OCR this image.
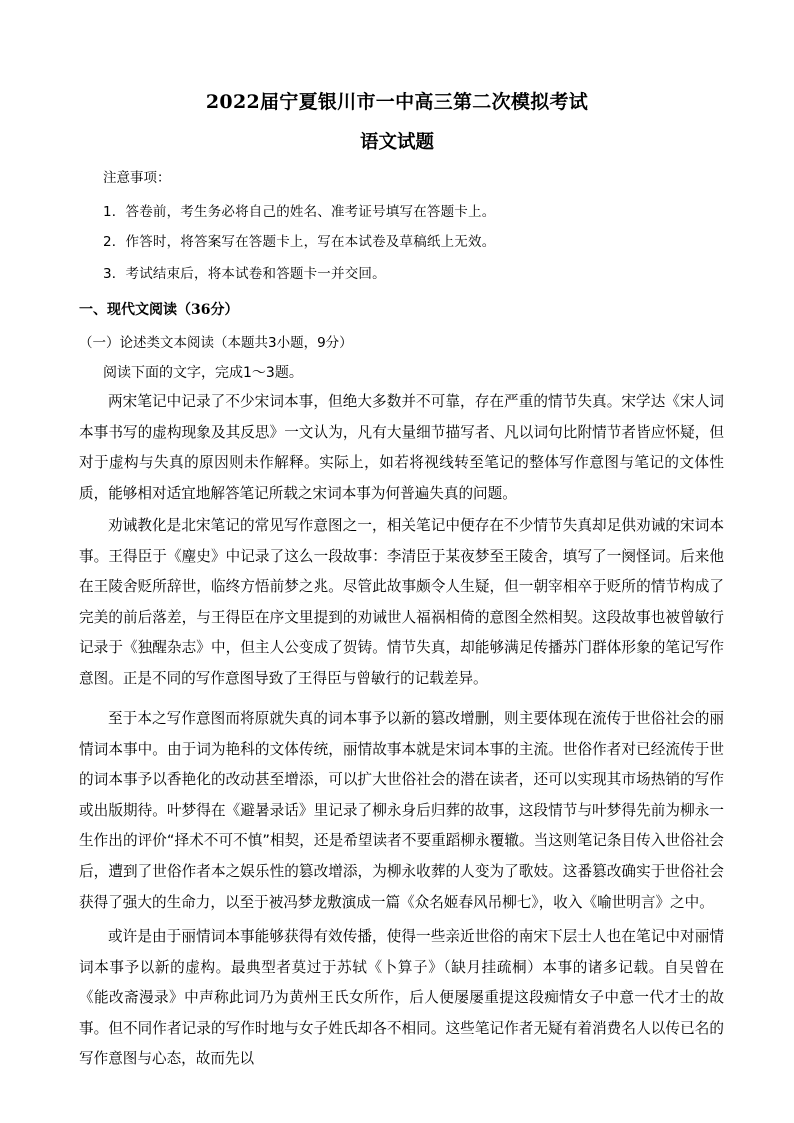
2022届宁夏银川市一中高三第二次模拟考试
语文试题
注意事项：
1．答卷前，考生务必将自己的姓名、准考证号填写在答题卡上。
2．作答时，将答案写在答题卡上，写在本试卷及草稿纸上无效。
3．考试结束后，将本试卷和答题卡一并交回。
一、现代文阅读（36分）
（一）论述类文本阅读（本题共3小题，9分）
阅读下面的文字，完成1～3题。

两宋笔记中记录了不少宋词本事，但绝大多数并不可靠，存在严重的情节失真。宋学达《宋人词本事书写的虚构现象及其反思》一文认为，凡有大量细节描写者、凡以词句比附情节者皆应怀疑，但对于虚构与失真的原因则未作解释。实际上，如若将视线转至笔记的整体写作意图与笔记的文体性质，能够相对适宜地解答笔记所载之宋词本事为何普遍失真的问题。

劝诫教化是北宋笔记的常见写作意图之一，相关笔记中便存在不少情节失真却足供劝诫的宋词本事。王得臣于《麈史》中记录了这么一段故事：李清臣于某夜梦至王陵舍，填写了一阕怪词。后来他在王陵舍贬所辞世，临终方悟前梦之兆。尽管此故事颇令人生疑，但一朝宰相卒于贬所的情节构成了完美的前后落差，与王得臣在序文里提到的劝诫世人福祸相倚的意图全然相契。这段故事也被曾敏行记录于《独醒杂志》中，但主人公变成了贺铸。情节失真，却能够满足传播苏门群体形象的笔记写作意图。正是不同的写作意图导致了王得臣与曾敏行的记载差异。

至于本之写作意图而将原就失真的词本事予以新的篡改增删，则主要体现在流传于世俗社会的丽情词本事中。由于词为艳科的文体传统，丽情故事本就是宋词本事的主流。世俗作者对已经流传于世的词本事予以香艳化的改动甚至增添，可以扩大世俗社会的潜在读者，还可以实现其市场热销的写作或出版期待。叶梦得在《避暑录话》里记录了柳永身后归葬的故事，这段情节与叶梦得先前为柳永一生作出的评价“择术不可不慎”相契，还是希望读者不要重蹈柳永覆辙。当这则笔记条目传入世俗社会后，遭到了世俗作者本之娱乐性的篡改增添，为柳永收葬的人变为了歌妓。这番篡改确实于世俗社会获得了强大的生命力，以至于被冯梦龙敷演成一篇《众名姬春风吊柳七》，收入《喻世明言》之中。

或许是由于丽情词本事能够获得有效传播，使得一些亲近世俗的南宋下层士人也在笔记中对丽情词本事予以新的虚构。最典型者莫过于苏轼《卜算子》（缺月挂疏桐）本事的诸多记载。自吴曾在《能改斋漫录》中声称此词乃为黄州王氏女所作，后人便屡屡重提这段痴情女子中意一代才士的故事。但不同作者记录的写作时地与女子姓氏却各不相同。这些笔记作者无疑有着消费名人以传已名的写作意图与心态，故而先以
